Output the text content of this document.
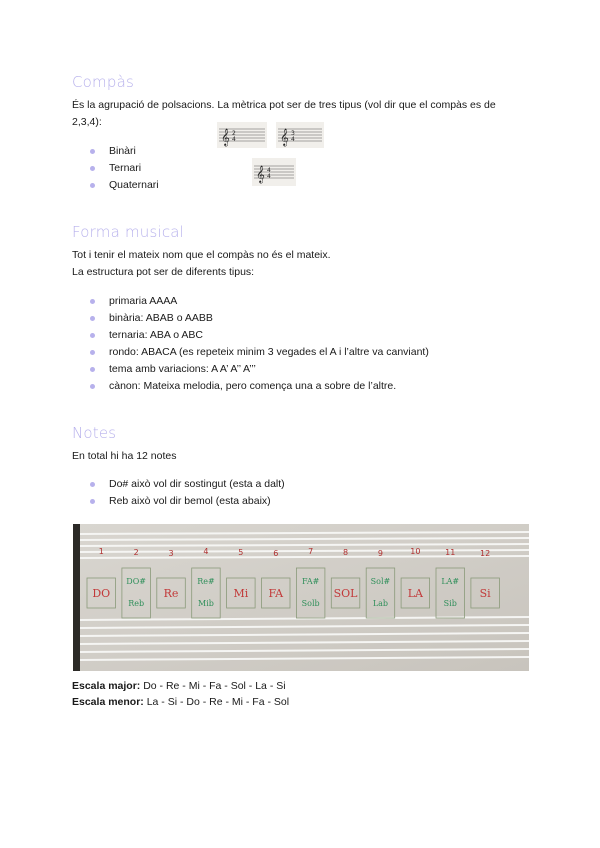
Compàs
És la agrupació de polsacions. La mètrica pot ser de tres tipus (vol dir que el compàs es de
2,3,4):
Binàri
Ternari
Quaternari
𝄞 2
4	𝄞 3
4
𝄞 4
4
Forma musical
Tot i tenir el mateix nom que el compàs no és el mateix.
La estructura pot ser de diferents tipus:
primaria AAAA
binària: ABAB o AABB
ternaria: ABA o ABC
rondo: ABACA (es repeteix minim 3 vegades el A i l’altre va canviant)
tema amb variacions: A A’ A’’ A’’’
cànon: Mateixa melodia, pero comença una a sobre de l’altre.
Notes
En total hi ha 12 notes
Do# això vol dir sostingut (esta a dalt)
Reb això vol dir bemol (esta abaix)
1
DO
2
DO#
Reb
3
Re
4
Re#
Mib
5
Mi
6
FA
7
FA#
Solb
8
SOL
9
Sol#
Lab
10
LA
11
LA#
Sib
12
Si
Escala major: Do - Re - Mi - Fa - Sol - La - Si
Escala menor: La - Si - Do - Re - Mi - Fa - Sol
